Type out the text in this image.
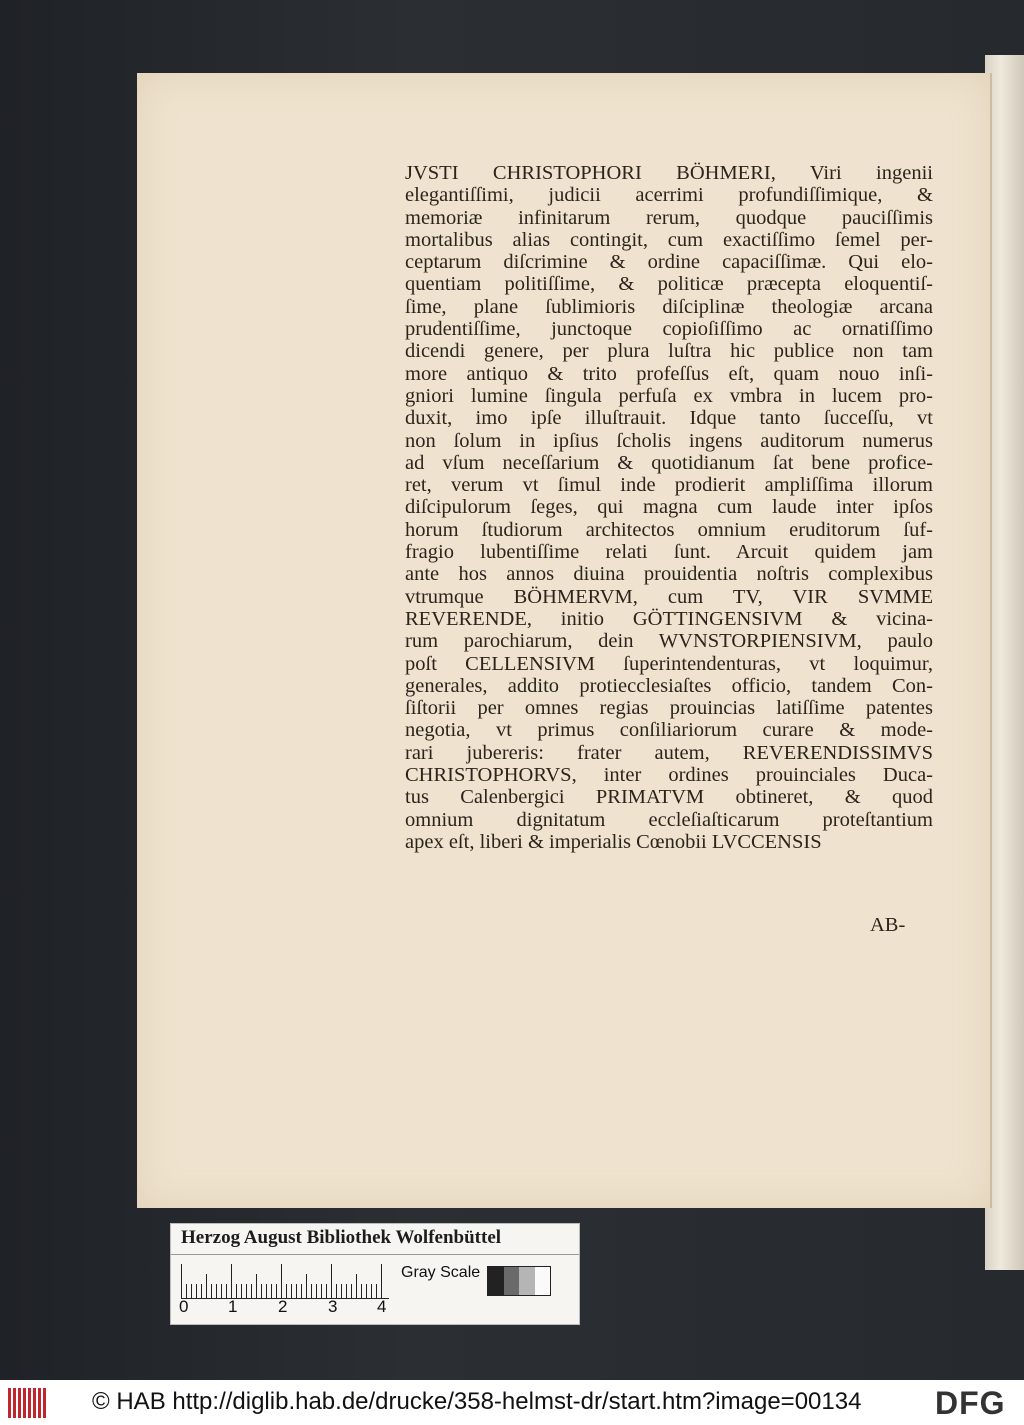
JVSTI CHRISTOPHORI BÖHMERI, Viri ingenii
elegantiſſimi, judicii acerrimi profundiſſimique, &
memoriæ infinitarum rerum, quodque pauciſſimis
mortalibus alias contingit, cum exactiſſimo ſemel per-
ceptarum diſcrimine & ordine capaciſſimæ. Qui elo-
quentiam politiſſime, & politicæ præcepta eloquentiſ-
ſime, plane ſublimioris diſciplinæ theologiæ arcana
prudentiſſime, junctoque copioſiſſimo ac ornatiſſimo
dicendi genere, per plura luſtra hic publice non tam
more antiquo & trito profeſſus eſt, quam nouo inſi-
gniori lumine ſingula perfuſa ex vmbra in lucem pro-
duxit, imo ipſe illuſtrauit. Idque tanto ſucceſſu, vt
non ſolum in ipſius ſcholis ingens auditorum numerus
ad vſum neceſſarium & quotidianum ſat bene profice-
ret, verum vt ſimul inde prodierit ampliſſima illorum
diſcipulorum ſeges, qui magna cum laude inter ipſos
horum ſtudiorum architectos omnium eruditorum ſuf-
fragio lubentiſſime relati ſunt. Arcuit quidem jam
ante hos annos diuina prouidentia noſtris complexibus
vtrumque BÖHMERVM, cum TV, VIR SVMME
REVERENDE, initio GÖTTINGENSIVM & vicina-
rum parochiarum, dein WVNSTORPIENSIVM, paulo
poſt CELLENSIVM ſuperintendenturas, vt loquimur,
generales, addito protiecclesiaſtes officio, tandem Con-
ſiſtorii per omnes regias prouincias latiſſime patentes
negotia, vt primus conſiliariorum curare & mode-
rari jubereris: frater autem, REVERENDISSIMVS
CHRISTOPHORVS, inter ordines prouinciales Duca-
tus Calenbergici PRIMATVM obtineret, & quod
omnium dignitatum eccleſiaſticarum proteſtantium
apex eſt, liberi & imperialis Cœnobii LVCCENSIS
AB-
Herzog August Bibliothek Wolfenbüttel
0 1 2 3 4
Gray Scale
© HAB http://diglib.hab.de/drucke/358-helmst-dr/start.htm?image=00134 DFG
